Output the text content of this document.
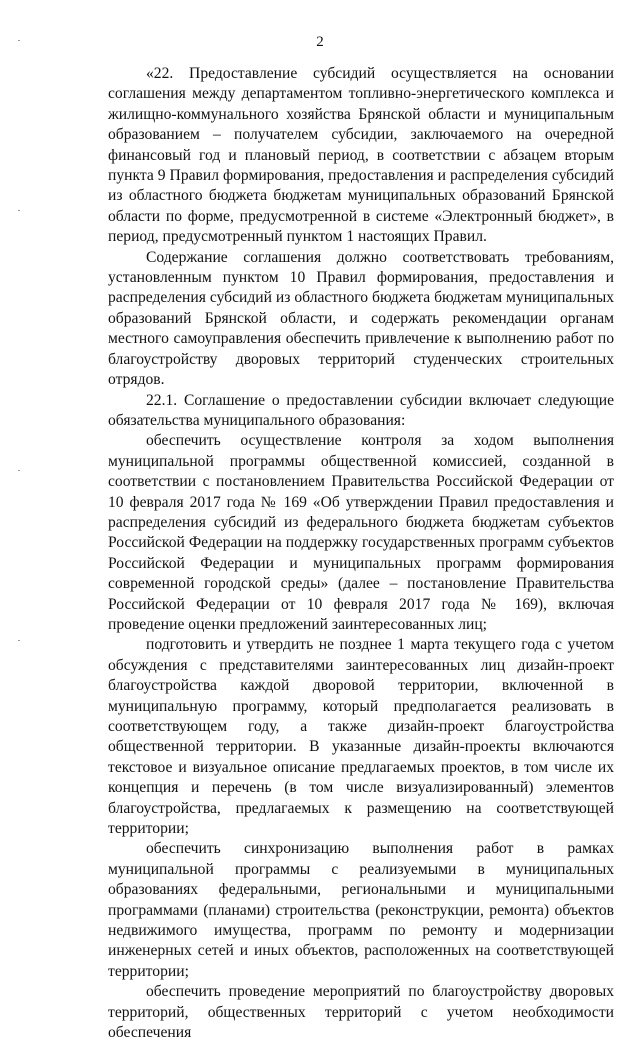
2

«22. Предоставление субсидий осуществляется на основании соглашения между департаментом топливно-энергетического комплекса и жилищно-коммунального хозяйства Брянской области и муниципальным образованием – получателем субсидии, заключаемого на очередной финансовый год и плановый период, в соответствии с абзацем вторым пункта 9 Правил формирования, предоставления и распределения субсидий из областного бюджета бюджетам муниципальных образований Брянской области по форме, предусмотренной в системе «Электронный бюджет», в период, предусмотренный пунктом 1 настоящих Правил.

Содержание соглашения должно соответствовать требованиям, установленным пунктом 10 Правил формирования, предоставления и распределения субсидий из областного бюджета бюджетам муниципальных образований Брянской области, и содержать рекомендации органам местного самоуправления обеспечить привлечение к выполнению работ по благоустройству дворовых территорий студенческих строительных отрядов.

22.1. Соглашение о предоставлении субсидии включает следующие обязательства муниципального образования:

обеспечить осуществление контроля за ходом выполнения муниципальной программы общественной комиссией, созданной в соответствии с постановлением Правительства Российской Федерации от 10 февраля 2017 года № 169 «Об утверждении Правил предоставления и распределения субсидий из федерального бюджета бюджетам субъектов Российской Федерации на поддержку государственных программ субъектов Российской Федерации и муниципальных программ формирования современной городской среды» (далее – постановление Правительства Российской Федерации от 10 февраля 2017 года № 169), включая проведение оценки предложений заинтересованных лиц;

подготовить и утвердить не позднее 1 марта текущего года с учетом обсуждения с представителями заинтересованных лиц дизайн-проект благоустройства каждой дворовой территории, включенной в муниципальную программу, который предполагается реализовать в соответствующем году, а также дизайн-проект благоустройства общественной территории. В указанные дизайн-проекты включаются текстовое и визуальное описание предлагаемых проектов, в том числе их концепция и перечень (в том числе визуализированный) элементов благоустройства, предлагаемых к размещению на соответствующей территории;

обеспечить синхронизацию выполнения работ в рамках муниципальной программы с реализуемыми в муниципальных образованиях федеральными, региональными и муниципальными программами (планами) строительства (реконструкции, ремонта) объектов недвижимого имущества, программ по ремонту и модернизации инженерных сетей и иных объектов, расположенных на соответствующей территории;

обеспечить проведение мероприятий по благоустройству дворовых территорий, общественных территорий с учетом необходимости обеспечения
